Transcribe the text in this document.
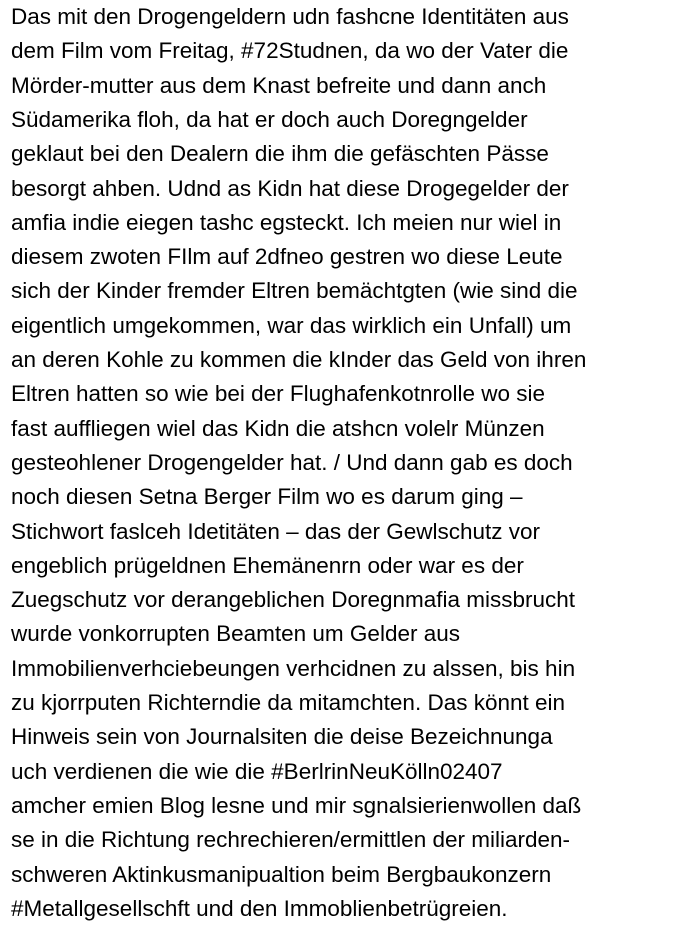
Das mit den Drogengeldern udn fashcne Identitäten aus
dem Film vom Freitag, #72Studnen, da wo der Vater die
Mörder-mutter aus dem Knast befreite und dann anch
Südamerika floh, da hat er doch auch Doregngelder
geklaut bei den Dealern die ihm die gefäschten Pässe
besorgt ahben. Udnd as Kidn hat diese Drogegelder der
amfia indie eiegen tashc egsteckt. Ich meien nur wiel in
diesem zwoten FIlm auf 2dfneo gestren wo diese Leute
sich der Kinder fremder Eltren bemächtgten (wie sind die
eigentlich umgekommen, war das wirklich ein Unfall) um
an deren Kohle zu kommen die kInder das Geld von ihren
Eltren hatten so wie bei der Flughafenkotnrolle wo sie
fast auffliegen wiel das Kidn die atshcn volelr Münzen
gesteohlener Drogengelder hat. / Und dann gab es doch
noch diesen Setna Berger Film wo es darum ging –
Stichwort faslceh Idetitäten – das der Gewlschutz vor
engeblich prügeldnen Ehemänenrn oder war es der
Zuegschutz vor derangeblichen Doregnmafia missbrucht
wurde vonkorrupten Beamten um Gelder aus
Immobilienverhciebeungen verhcidnen zu alssen, bis hin
zu kjorrputen Richterndie da mitamchten. Das könnt ein
Hinweis sein von Journalsiten die deise Bezeichnunga
uch verdienen die wie die #BerlrinNeuKölln02407
amcher emien Blog lesne und mir sgnalsierienwollen daß
se in die Richtung rechrechieren/ermittlen der miliarden-
schweren Aktinkusmanipualtion beim Bergbaukonzern
#Metallgesellschft und den Immoblienbetrügreien.
